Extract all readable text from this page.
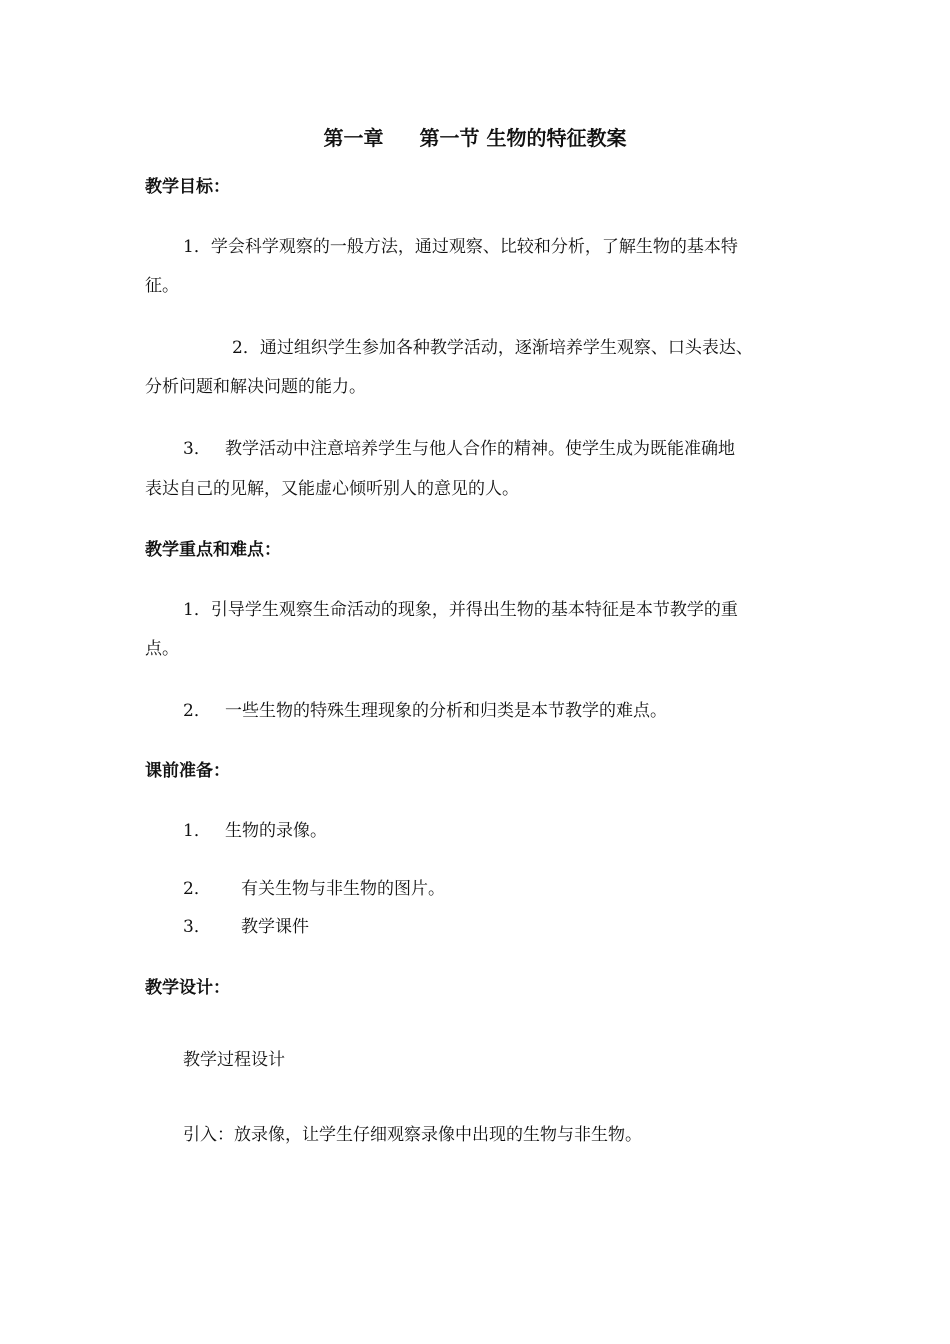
第一章 第一节 生物的特征教案

教学目标：

1．学会科学观察的一般方法，通过观察、比较和分析，了解生物的基本特

征。

2．通过组织学生参加各种教学活动，逐渐培养学生观察、口头表达、

分析问题和解决问题的能力。

3． 教学活动中注意培养学生与他人合作的精神。使学生成为既能准确地

表达自己的见解，又能虚心倾听别人的意见的人。

教学重点和难点：

1．引导学生观察生命活动的现象，并得出生物的基本特征是本节教学的重

点。

2． 一些生物的特殊生理现象的分析和归类是本节教学的难点。

课前准备：

1． 生物的录像。

2． 有关生物与非生物的图片。

3． 教学课件

教学设计：

教学过程设计

引入：放录像，让学生仔细观察录像中出现的生物与非生物。
